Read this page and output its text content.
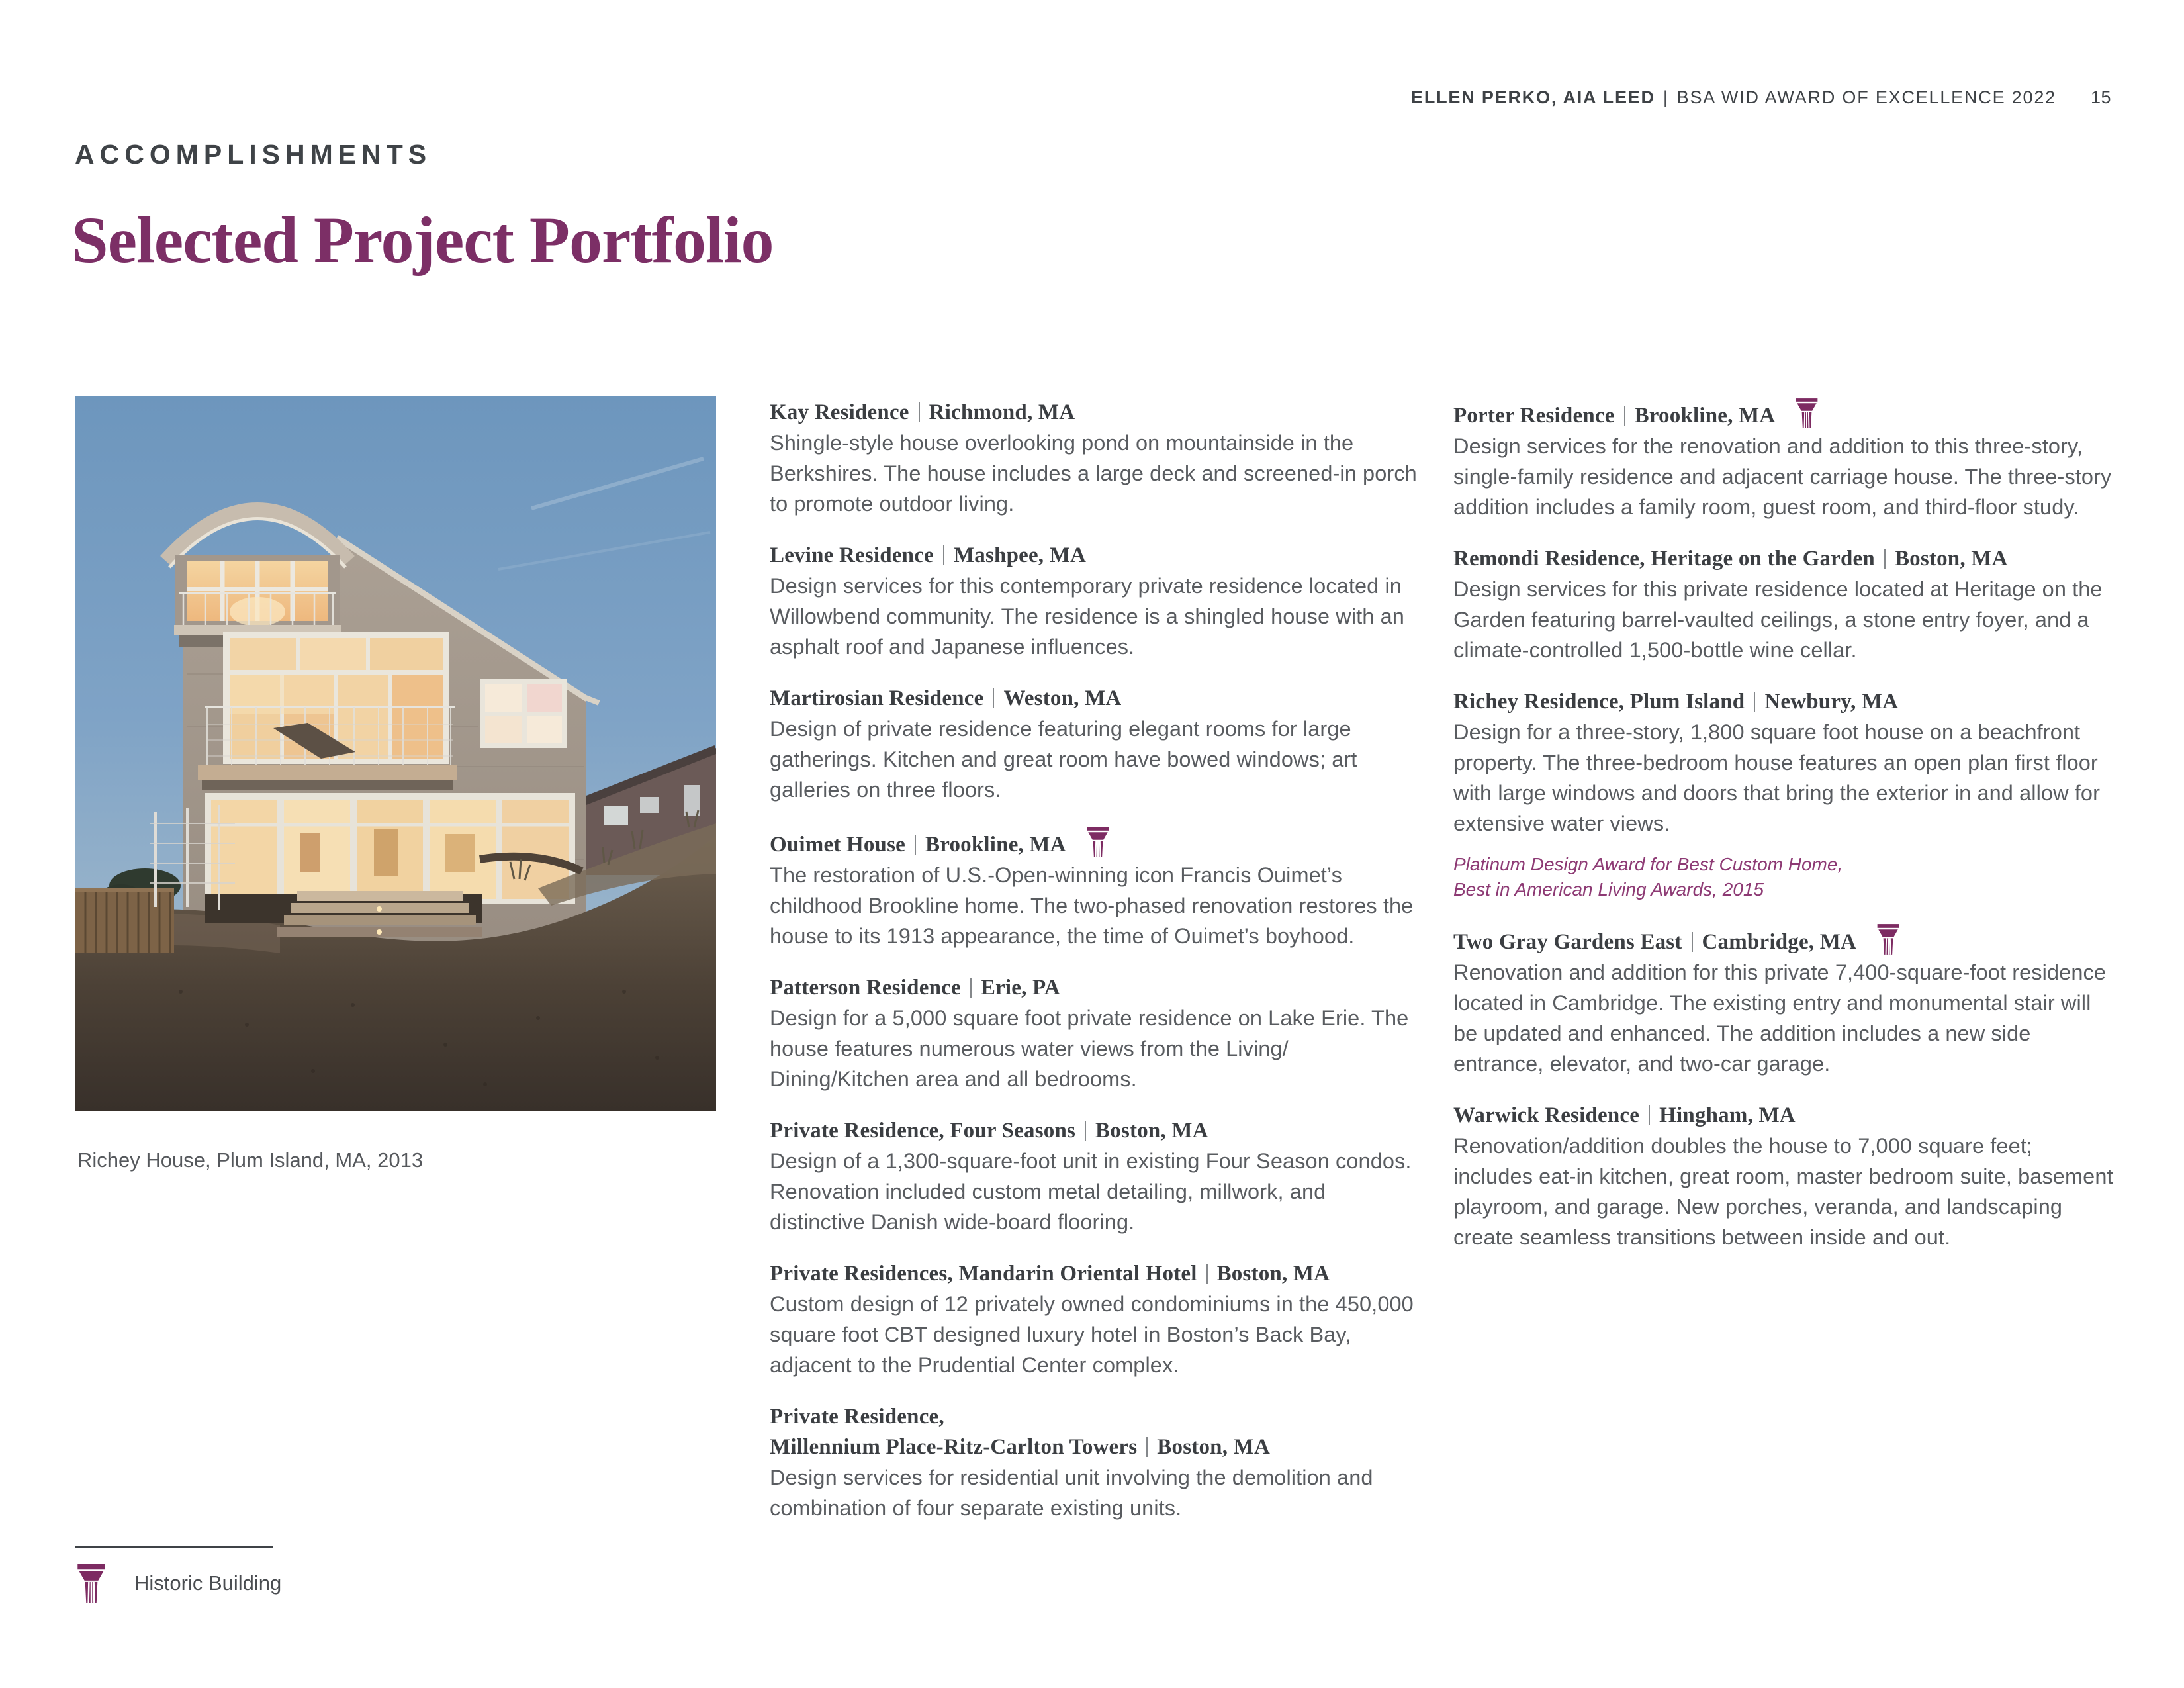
ELLEN PERKO, AIA LEED | BSA WID AWARD OF EXCELLENCE 2022 15
ACCOMPLISHMENTS
Selected Project Portfolio
Richey House, Plum Island, MA, 2013
Kay Residence Richmond, MA

Shingle-style house overlooking pond on mountainside in the Berkshires. The house includes a large deck and screened-in porch to promote outdoor living.

Levine Residence Mashpee, MA

Design services for this contemporary private residence located in Willowbend community. The residence is a shingled house with an asphalt roof and Japanese influences.

Martirosian Residence Weston, MA

Design of private residence featuring elegant rooms for large gatherings. Kitchen and great room have bowed windows; art galleries on three floors.

Ouimet House Brookline, MA

The restoration of U.S.-Open-winning icon Francis Ouimet’s childhood Brookline home. The two-phased renovation restores the house to its 1913 appearance, the time of Ouimet’s boyhood.

Patterson Residence Erie, PA

Design for a 5,000 square foot private residence on Lake Erie. The house features numerous water views from the Living/ Dining/Kitchen area and all bedrooms.

Private Residence, Four Seasons Boston, MA

Design of a 1,300-square-foot unit in existing Four Season condos. Renovation included custom metal detailing, millwork, and distinctive Danish wide-board flooring.

Private Residences, Mandarin Oriental Hotel Boston, MA

Custom design of 12 privately owned condominiums in the 450,000 square foot CBT designed luxury hotel in Boston’s Back Bay, adjacent to the Prudential Center complex.

Private Residence,
Millennium Place-Ritz-Carlton Towers Boston, MA

Design services for residential unit involving the demolition and combination of four separate existing units.

Porter Residence Brookline, MA

Design services for the renovation and addition to this three-story, single-family residence and adjacent carriage house. The three-story addition includes a family room, guest room, and third-floor study.

Remondi Residence, Heritage on the Garden Boston, MA

Design services for this private residence located at Heritage on the Garden featuring barrel-vaulted ceilings, a stone entry foyer, and a climate-controlled 1,500-bottle wine cellar.

Richey Residence, Plum Island Newbury, MA

Design for a three-story, 1,800 square foot house on a beachfront property. The three-bedroom house features an open plan first floor with large windows and doors that bring the exterior in and allow for extensive water views.

Platinum Design Award for Best Custom Home,
Best in American Living Awards, 2015

Two Gray Gardens East Cambridge, MA

Renovation and addition for this private 7,400-square-foot residence located in Cambridge. The existing entry and monumental stair will be updated and enhanced. The addition includes a new side entrance, elevator, and two-car garage.

Warwick Residence Hingham, MA

Renovation/addition doubles the house to 7,000 square feet; includes eat-in kitchen, great room, master bedroom suite, basement playroom, and garage. New porches, veranda, and landscaping create seamless transitions between inside and out.

Historic Building
